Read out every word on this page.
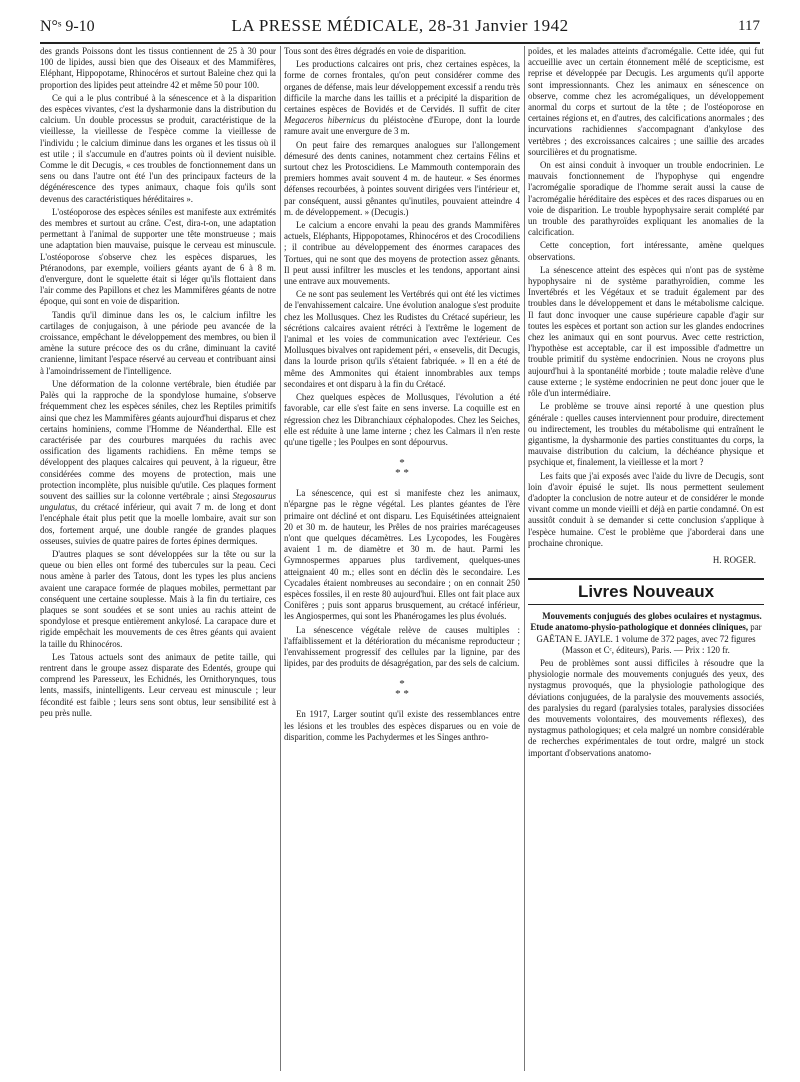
N°ˢ 9-10	LA PRESSE MÉDICALE, 28-31 Janvier 1942	117

des grands Poissons dont les tissus contiennent de 25 à 30 pour 100 de lipides, aussi bien que des Oiseaux et des Mammifères, Eléphant, Hippopotame, Rhinocéros et surtout Baleine chez qui la proportion des lipides peut atteindre 42 et même 50 pour 100.

Ce qui a le plus contribué à la sénescence et à la disparition des espèces vivantes, c'est la dysharmonie dans la distribution du calcium. Un double processus se produit, caractéristique de la vieillesse, la vieillesse de l'espèce comme la vieillesse de l'individu ; le calcium diminue dans les organes et les tissus où il est utile ; il s'accumule en d'autres points où il devient nuisible. Comme le dit Decugis, « ces troubles de fonctionnement dans un sens ou dans l'autre ont été l'un des principaux facteurs de la dégénérescence des types animaux, chaque fois qu'ils sont devenus des caractéristiques héréditaires ».

L'ostéoporose des espèces séniles est manifeste aux extrémités des membres et surtout au crâne. C'est, dira-t-on, une adaptation permettant à l'animal de supporter une tête monstrueuse ; mais une adaptation bien mauvaise, puisque le cerveau est minuscule. L'ostéoporose s'observe chez les espèces disparues, les Ptéranodons, par exemple, voiliers géants ayant de 6 à 8 m. d'envergure, dont le squelette était si léger qu'ils flottaient dans l'air comme des Papillons et chez les Mammifères géants de notre époque, qui sont en voie de disparition.

Tandis qu'il diminue dans les os, le calcium infiltre les cartilages de conjugaison, à une période peu avancée de la croissance, empêchant le développement des membres, ou bien il amène la suture précoce des os du crâne, diminuant la cavité cranienne, limitant l'espace réservé au cerveau et contribuant ainsi à l'amoindrissement de l'intelligence.

Une déformation de la colonne vertébrale, bien étudiée par Palès qui la rapproche de la spondylose humaine, s'observe fréquemment chez les espèces séniles, chez les Reptiles primitifs ainsi que chez les Mammifères géants aujourd'hui disparus et chez certains hominiens, comme l'Homme de Néanderthal. Elle est caractérisée par des courbures marquées du rachis avec ossification des ligaments rachidiens. En même temps se développent des plaques calcaires qui peuvent, à la rigueur, être considérées comme des moyens de protection, mais une protection incomplète, plus nuisible qu'utile. Ces plaques forment souvent des saillies sur la colonne vertébrale ; ainsi Stegosaurus ungulatus, du crétacé inférieur, qui avait 7 m. de long et dont l'encéphale était plus petit que la moelle lombaire, avait sur son dos, fortement arqué, une double rangée de grandes plaques osseuses, suivies de quatre paires de fortes épines dermiques.

D'autres plaques se sont développées sur la tête ou sur la queue ou bien elles ont formé des tubercules sur la peau. Ceci nous amène à parler des Tatous, dont les types les plus anciens avaient une carapace formée de plaques mobiles, permettant par conséquent une certaine souplesse. Mais à la fin du tertiaire, ces plaques se sont soudées et se sont unies au rachis atteint de spondylose et presque entièrement ankylosé. La carapace dure et rigide empêchait les mouvements de ces êtres géants qui avaient la taille du Rhinocéros.

Les Tatous actuels sont des animaux de petite taille, qui rentrent dans le groupe assez disparate des Edentés, groupe qui comprend les Paresseux, les Echidnés, les Ornithorynques, tous lents, massifs, inintelligents. Leur cerveau est minuscule ; leur fécondité est faible ; leurs sens sont obtus, leur sensibilité est à peu près nulle.

Tous sont des êtres dégradés en voie de disparition.

Les productions calcaires ont pris, chez certaines espèces, la forme de cornes frontales, qu'on peut considérer comme des organes de défense, mais leur développement excessif a rendu très difficile la marche dans les taillis et a précipité la disparition de certaines espèces de Bovidés et de Cervidés. Il suffit de citer Megaceros hibernicus du pléistocène d'Europe, dont la lourde ramure avait une envergure de 3 m.

On peut faire des remarques analogues sur l'allongement démesuré des dents canines, notamment chez certains Félins et surtout chez les Protoscidiens. Le Mammouth contemporain des premiers hommes avait souvent 4 m. de hauteur. « Ses énormes défenses recourbées, à pointes souvent dirigées vers l'intérieur et, par conséquent, aussi gênantes qu'inutiles, pouvaient atteindre 4 m. de développement. » (Decugis.)

Le calcium a encore envahi la peau des grands Mammifères actuels, Eléphants, Hippopotames, Rhinocéros et des Crocodiliens ; il contribue au développement des énormes carapaces des Tortues, qui ne sont que des moyens de protection assez gênants. Il peut aussi infiltrer les muscles et les tendons, apportant ainsi une entrave aux mouvements.

Ce ne sont pas seulement les Vertébrés qui ont été les victimes de l'envahissement calcaire. Une évolution analogue s'est produite chez les Mollusques. Chez les Rudistes du Crétacé supérieur, les sécrétions calcaires avaient rétréci à l'extrême le logement de l'animal et les voies de communication avec l'extérieur. Ces Mollusques bivalves ont rapidement péri, « ensevelis, dit Decugis, dans la lourde prison qu'ils s'étaient fabriquée. » Il en a été de même des Ammonites qui étaient innombrables aux temps secondaires et ont disparu à la fin du Crétacé.

Chez quelques espèces de Mollusques, l'évolution a été favorable, car elle s'est faite en sens inverse. La coquille est en régression chez les Dibranchiaux céphalopodes. Chez les Seiches, elle est réduite à une lame interne ; chez les Calmars il n'en reste qu'une tigelle ; les Poulpes en sont dépourvus.

*
* *

La sénescence, qui est si manifeste chez les animaux, n'épargne pas le règne végétal. Les plantes géantes de l'ère primaire ont décliné et ont disparu. Les Equisétinées atteignaient 20 et 30 m. de hauteur, les Prêles de nos prairies marécageuses n'ont que quelques décamètres. Les Lycopodes, les Fougères avaient 1 m. de diamètre et 30 m. de haut. Parmi les Gymnospermes apparues plus tardivement, quelques-unes atteignaient 40 m.; elles sont en déclin dès le secondaire. Les Cycadales étaient nombreuses au secondaire ; on en connait 250 espèces fossiles, il en reste 80 aujourd'hui. Elles ont fait place aux Conifères ; puis sont apparus brusquement, au crétacé inférieur, les Angiospermes, qui sont les Phanérogames les plus évolués.

La sénescence végétale relève de causes multiples : l'affaiblissement et la détérioration du mécanisme reproducteur ; l'envahissement progressif des cellules par la lignine, par des lipides, par des produits de désagrégation, par des sels de calcium.

*
* *

En 1917, Larger soutint qu'il existe des ressemblances entre les lésions et les troubles des espèces disparues ou en voie de disparition, comme les Pachydermes et les Singes anthro-

poïdes, et les malades atteints d'acromégalie. Cette idée, qui fut accueillie avec un certain étonnement mêlé de scepticisme, est reprise et développée par Decugis. Les arguments qu'il apporte sont impressionnants. Chez les animaux en sénescence on observe, comme chez les acromégaliques, un développement anormal du corps et surtout de la tête ; de l'ostéoporose en certaines régions et, en d'autres, des calcifications anormales ; des incurvations rachidiennes s'accompagnant d'ankylose des vertèbres ; des excroissances calcaires ; une saillie des arcades sourcilières et du prognatisme.

On est ainsi conduit à invoquer un trouble endocrinien. Le mauvais fonctionnement de l'hypophyse qui engendre l'acromégalie sporadique de l'homme serait aussi la cause de l'acromégalie héréditaire des espèces et des races disparues ou en voie de disparition. Le trouble hypophysaire serait complété par un trouble des parathyroïdes expliquant les anomalies de la calcification.

Cette conception, fort intéressante, amène quelques observations.

La sénescence atteint des espèces qui n'ont pas de système hypophysaire ni de système parathyroïdien, comme les Invertébrés et les Végétaux et se traduit également par des troubles dans le développement et dans le métabolisme calcique. Il faut donc invoquer une cause supérieure capable d'agir sur toutes les espèces et portant son action sur les glandes endocrines chez les animaux qui en sont pourvus. Avec cette restriction, l'hypothèse est acceptable, car il est impossible d'admettre un trouble primitif du système endocrinien. Nous ne croyons plus aujourd'hui à la spontanéité morbide ; toute maladie relève d'une cause externe ; le système endocrinien ne peut donc jouer que le rôle d'un intermédiaire.

Le problème se trouve ainsi reporté à une question plus générale : quelles causes interviennent pour produire, directement ou indirectement, les troubles du métabolisme qui entraînent le gigantisme, la dysharmonie des parties constituantes du corps, la mauvaise distribution du calcium, la déchéance physique et psychique et, finalement, la vieillesse et la mort ?

Les faits que j'ai exposés avec l'aide du livre de Decugis, sont loin d'avoir épuisé le sujet. Ils nous permettent seulement d'adopter la conclusion de notre auteur et de considérer le monde vivant comme un monde vieilli et déjà en partie condamné. On est aussitôt conduit à se demander si cette conclusion s'applique à l'espèce humaine. C'est le problème que j'aborderai dans une prochaine chronique.

H. ROGER.
Livres Nouveaux

Mouvements conjugués des globes oculaires et nystagmus. Etude anatomo-physio-pathologique et données cliniques, par GAËTAN E. JAYLE. 1 volume de 372 pages, avec 72 figures (Masson et Cᶜ, éditeurs), Paris. — Prix : 120 fr.

Peu de problèmes sont aussi difficiles à résoudre que la physiologie normale des mouvements conjugués des yeux, des nystagmus provoqués, que la physiologie pathologique des déviations conjuguées, de la paralysie des mouvements associés, des paralysies du regard (paralysies totales, paralysies dissociées des mouvements volontaires, des mouvements réflexes), des nystagmus pathologiques; et cela malgré un nombre considérable de recherches expérimentales de tout ordre, malgré un stock important d'observations anatomo-
